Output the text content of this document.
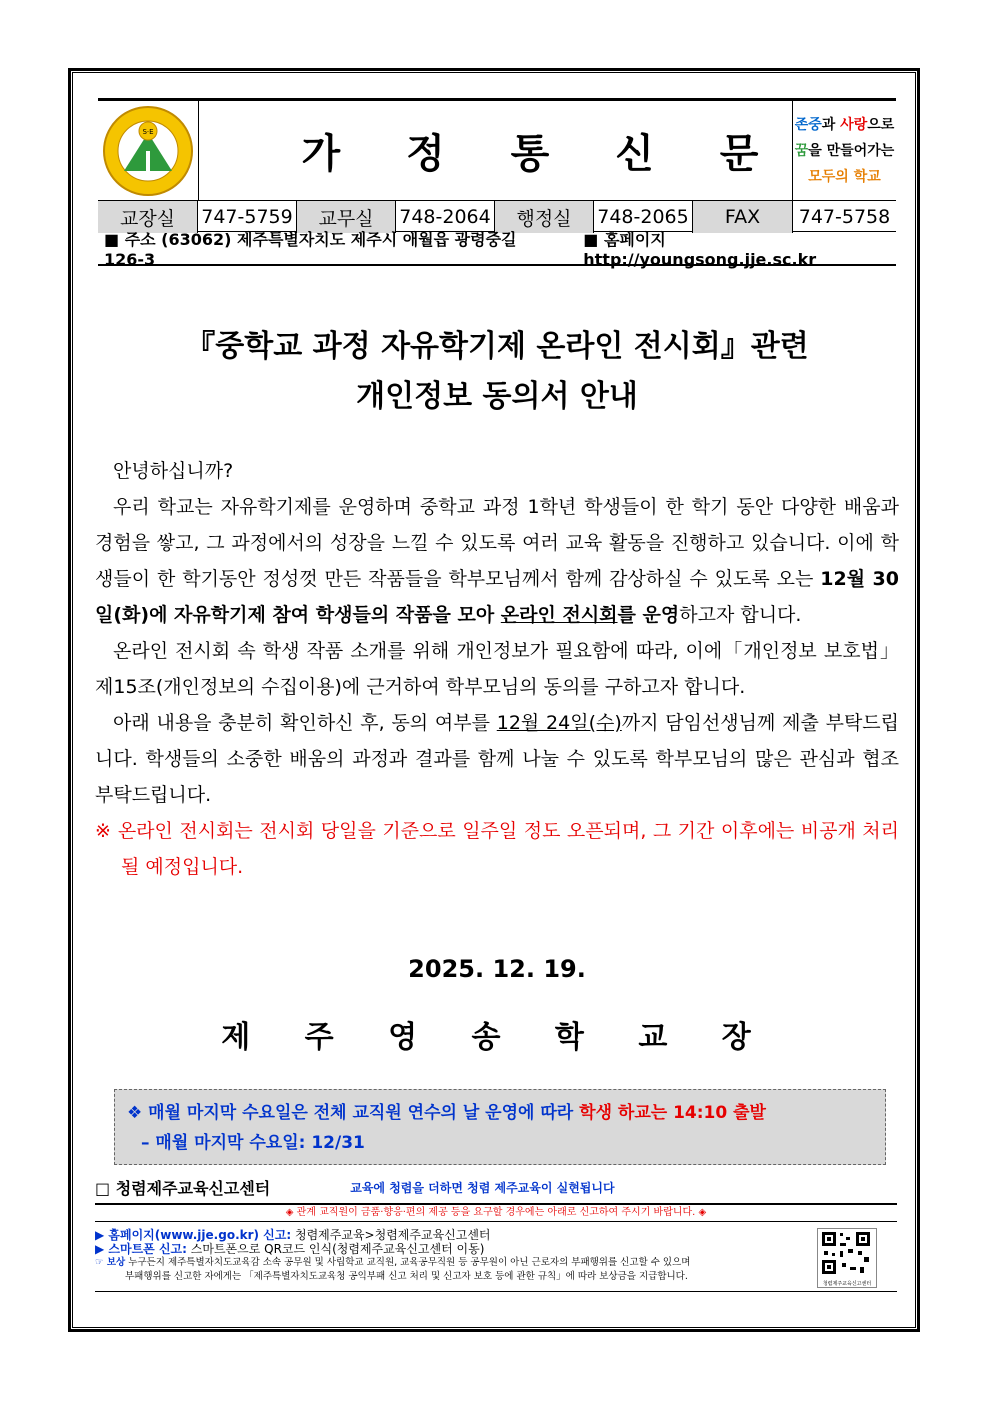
S·E	가 정 통 신 문
존중과 사랑으로
꿈을 만들어가는
모두의 학교
교장실	747-5759	교무실	748-2064	행정실	748-2065	FAX	747-5758
■ 주소 (63062) 제주특별자치도 제주시 애월읍 광령중길 126-3
■ 홈페이지 http://youngsong.jje.sc.kr
『중학교 과정 자유학기제 온라인 전시회』관련
개인정보 동의서 안내

안녕하십니까?

우리 학교는 자유학기제를 운영하며 중학교 과정 1학년 학생들이 한 학기 동안 다양한 배움과 경험을 쌓고, 그 과정에서의 성장을 느낄 수 있도록 여러 교육 활동을 진행하고 있습니다. 이에 학생들이 한 학기동안 정성껏 만든 작품들을 학부모님께서 함께 감상하실 수 있도록 오는 12월 30일(화)에 자유학기제 참여 학생들의 작품을 모아 온라인 전시회를 운영하고자 합니다.

온라인 전시회 속 학생 작품 소개를 위해 개인정보가 필요함에 따라, 이에「개인정보 보호법」제15조(개인정보의 수집이용)에 근거하여 학부모님의 동의를 구하고자 합니다.

아래 내용을 충분히 확인하신 후, 동의 여부를 12월 24일(수)까지 담임선생님께 제출 부탁드립니다. 학생들의 소중한 배움의 과정과 결과를 함께 나눌 수 있도록 학부모님의 많은 관심과 협조 부탁드립니다.

※ 온라인 전시회는 전시회 당일을 기준으로 일주일 정도 오픈되며, 그 기간 이후에는 비공개 처리될 예정입니다.

2025. 12. 19.
제 주 영 송 학 교 장
❖ 매월 마지막 수요일은 전체 교직원 연수의 날 운영에 따라 학생 하교는 14:10 출발
– 매월 마지막 수요일: 12/31
□ 청렴제주교육신고센터	교육에 청렴을 더하면 청렴 제주교육이 실현됩니다
◈ 관계 교직원이 금품·향응·편의 제공 등을 요구할 경우에는 아래로 신고하여 주시기 바랍니다. ◈
▶ 홈페이지(www.jje.go.kr) 신고: 청렴제주교육>청렴제주교육신고센터
▶ 스마트폰 신고: 스마트폰으로 QR코드 인식(청렴제주교육신고센터 이동)
☞ 보상 누구든지 제주특별자치도교육감 소속 공무원 및 사립학교 교직원, 교육공무직원 등 공무원이 아닌 근로자의 부패행위를 신고할 수 있으며
부패행위를 신고한 자에게는 「제주특별자치도교육청 공익부패 신고 처리 및 신고자 보호 등에 관한 규칙」에 따라 보상금을 지급합니다.
청렴제주교육신고센터
